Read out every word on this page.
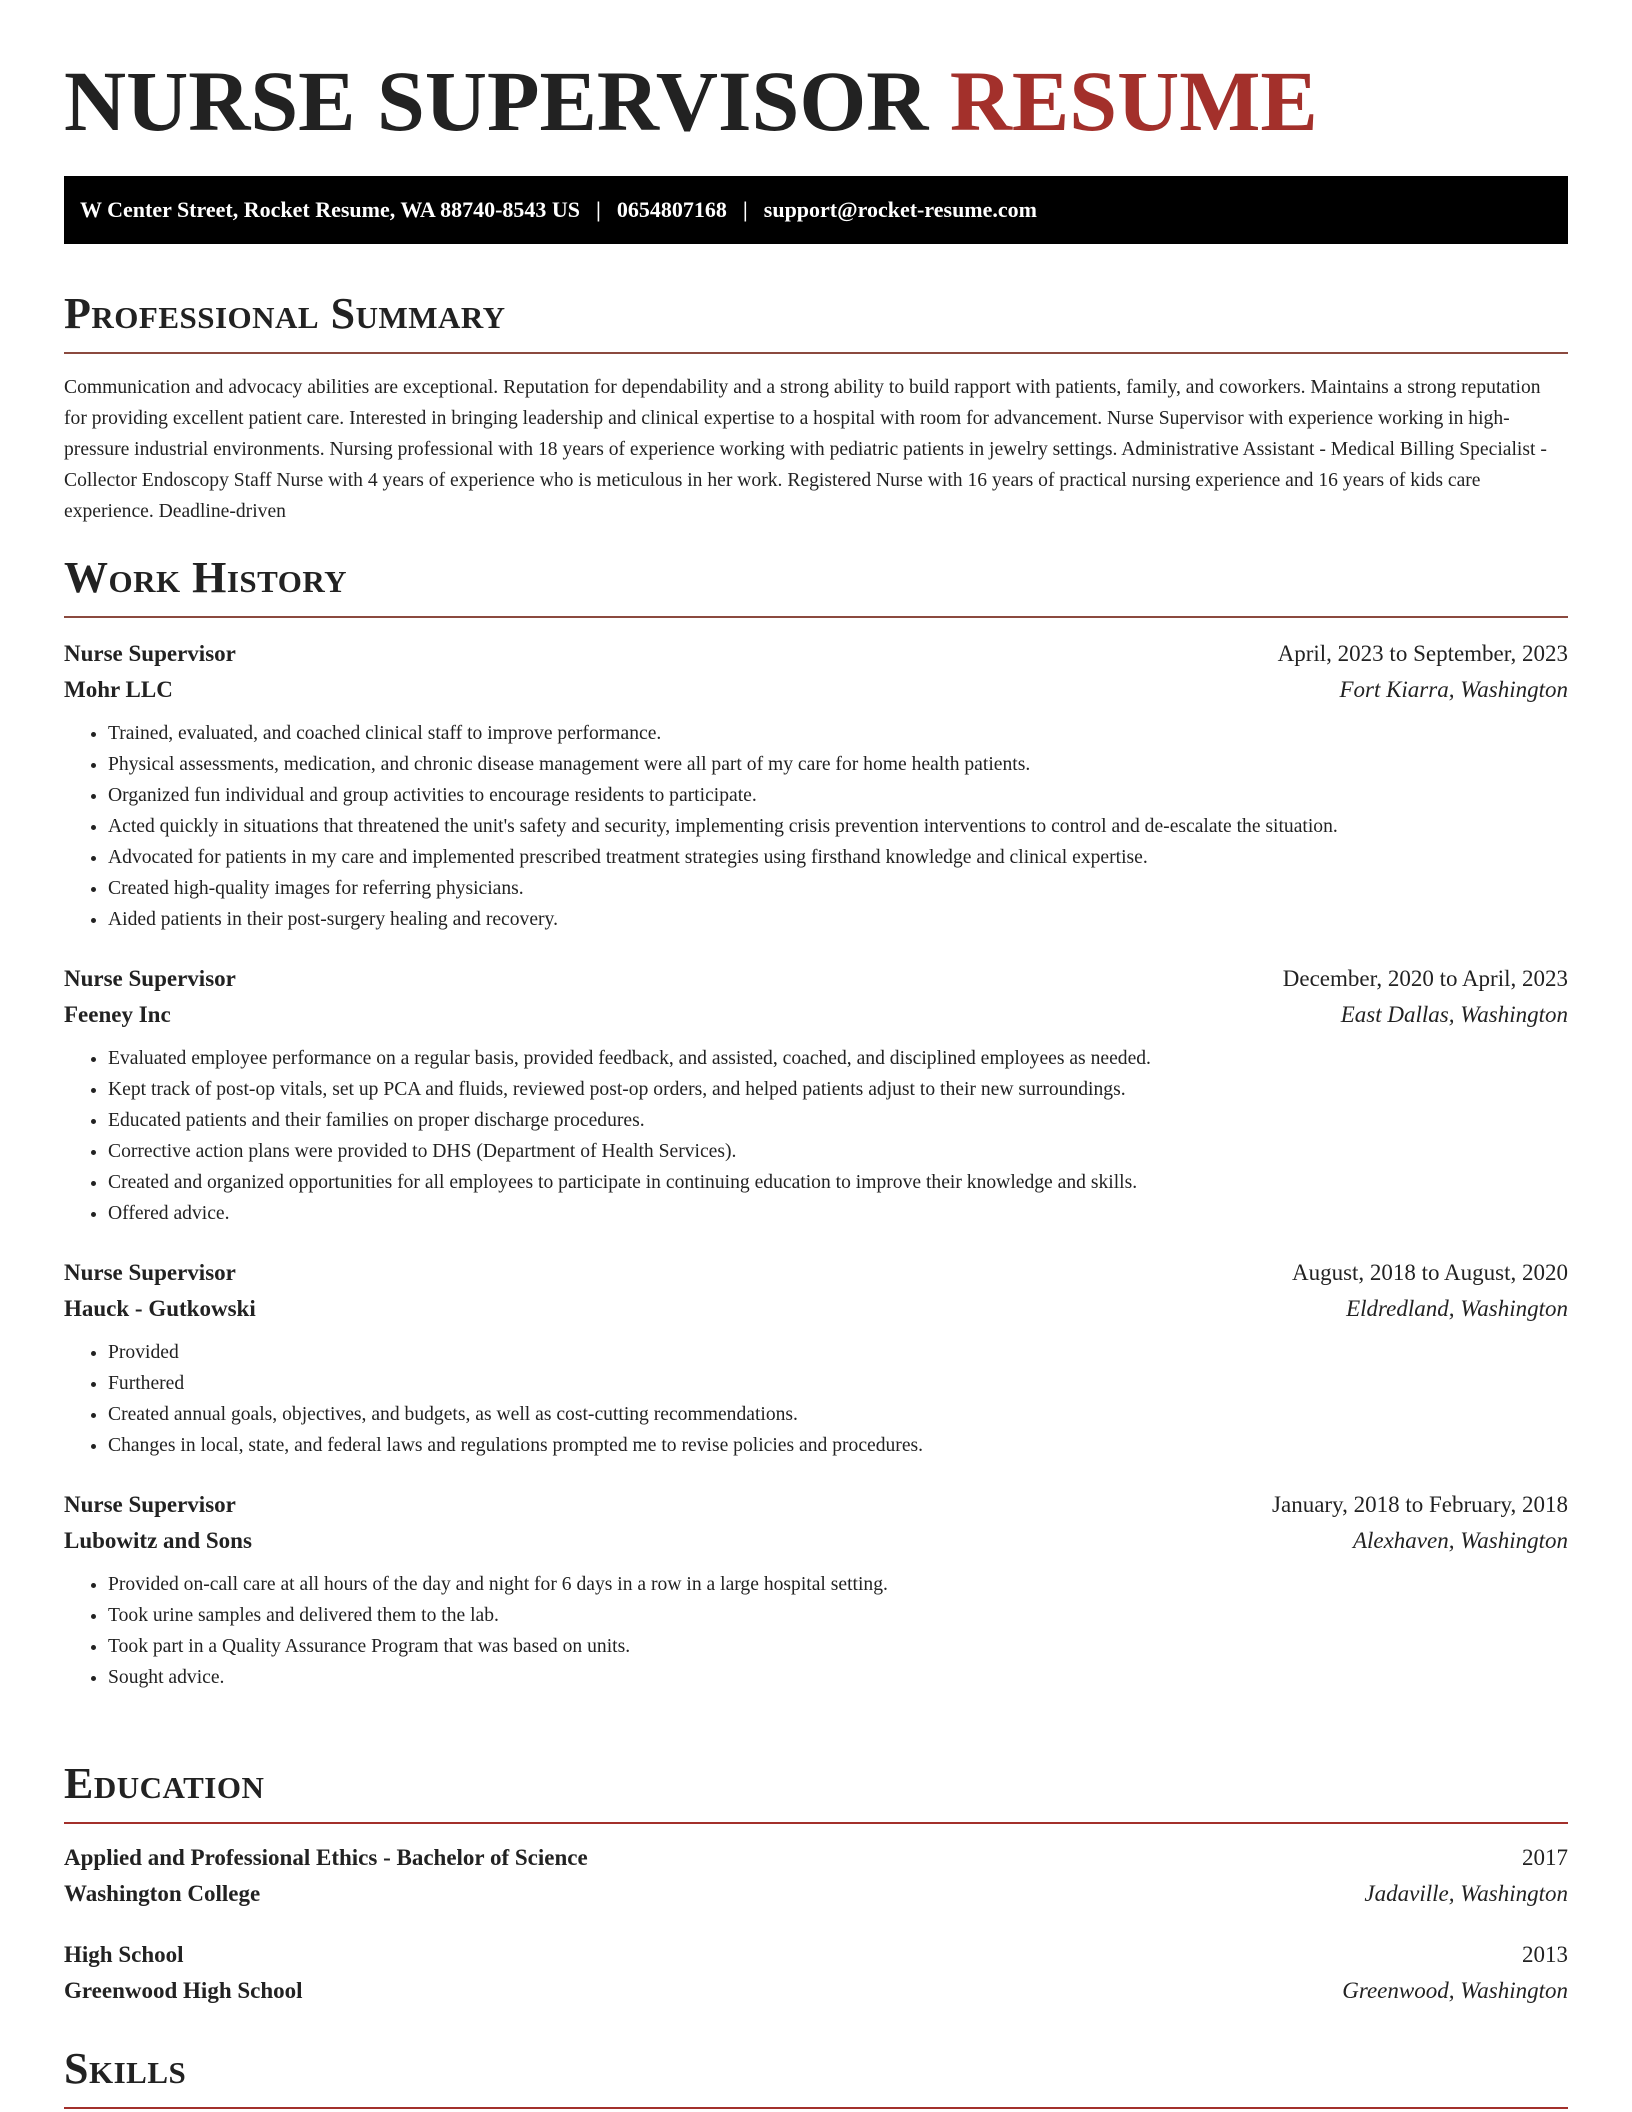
NURSE SUPERVISOR RESUME
W Center Street, Rocket Resume, WA 88740-8543 US | 0654807168 | support@rocket-resume.com
Professional Summary
Communication and advocacy abilities are exceptional. Reputation for dependability and a strong ability to build rapport with patients, family, and coworkers. Maintains a strong reputation for providing excellent patient care. Interested in bringing leadership and clinical expertise to a hospital with room for advancement. Nurse Supervisor with experience working in high-pressure industrial environments. Nursing professional with 18 years of experience working with pediatric patients in jewelry settings. Administrative Assistant - Medical Billing Specialist - Collector Endoscopy Staff Nurse with 4 years of experience who is meticulous in her work. Registered Nurse with 16 years of practical nursing experience and 16 years of kids care experience. Deadline-driven
Work History
Nurse Supervisor	April, 2023 to September, 2023
Mohr LLC	Fort Kiarra, Washington
• Trained, evaluated, and coached clinical staff to improve performance.
• Physical assessments, medication, and chronic disease management were all part of my care for home health patients.
• Organized fun individual and group activities to encourage residents to participate.
• Acted quickly in situations that threatened the unit's safety and security, implementing crisis prevention interventions to control and de-escalate the situation.
• Advocated for patients in my care and implemented prescribed treatment strategies using firsthand knowledge and clinical expertise.
• Created high-quality images for referring physicians.
• Aided patients in their post-surgery healing and recovery.
Nurse Supervisor	December, 2020 to April, 2023
Feeney Inc	East Dallas, Washington
• Evaluated employee performance on a regular basis, provided feedback, and assisted, coached, and disciplined employees as needed.
• Kept track of post-op vitals, set up PCA and fluids, reviewed post-op orders, and helped patients adjust to their new surroundings.
• Educated patients and their families on proper discharge procedures.
• Corrective action plans were provided to DHS (Department of Health Services).
• Created and organized opportunities for all employees to participate in continuing education to improve their knowledge and skills.
• Offered advice.
Nurse Supervisor	August, 2018 to August, 2020
Hauck - Gutkowski	Eldredland, Washington
• Provided
• Furthered
• Created annual goals, objectives, and budgets, as well as cost-cutting recommendations.
• Changes in local, state, and federal laws and regulations prompted me to revise policies and procedures.
Nurse Supervisor	January, 2018 to February, 2018
Lubowitz and Sons	Alexhaven, Washington
• Provided on-call care at all hours of the day and night for 6 days in a row in a large hospital setting.
• Took urine samples and delivered them to the lab.
• Took part in a Quality Assurance Program that was based on units.
• Sought advice.
Education
Applied and Professional Ethics - Bachelor of Science	2017
Washington College	Jadaville, Washington
High School	2013
Greenwood High School	Greenwood, Washington
Skills
